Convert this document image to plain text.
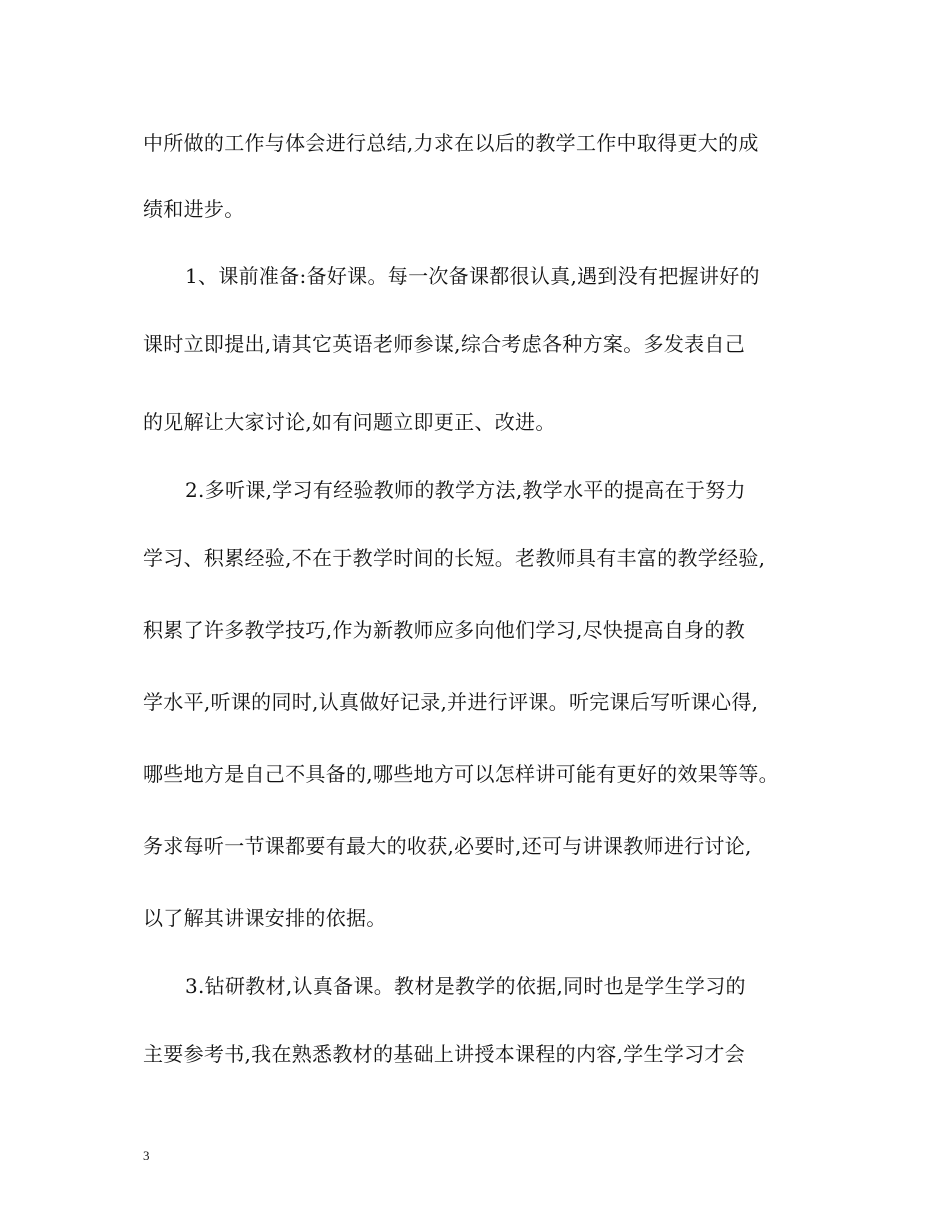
中所做的工作与体会进行总结,力求在以后的教学工作中取得更大的成
绩和进步。
1、课前准备:备好课。每一次备课都很认真,遇到没有把握讲好的
课时立即提出,请其它英语老师参谋,综合考虑各种方案。多发表自己
的见解让大家讨论,如有问题立即更正、改进。
2.多听课,学习有经验教师的教学方法,教学水平的提高在于努力
学习、积累经验,不在于教学时间的长短。老教师具有丰富的教学经验,
积累了许多教学技巧,作为新教师应多向他们学习,尽快提高自身的教
学水平,听课的同时,认真做好记录,并进行评课。听完课后写听课心得,
哪些地方是自己不具备的,哪些地方可以怎样讲可能有更好的效果等等。
务求每听一节课都要有最大的收获,必要时,还可与讲课教师进行讨论,
以了解其讲课安排的依据。
3.钻研教材,认真备课。教材是教学的依据,同时也是学生学习的
主要参考书,我在熟悉教材的基础上讲授本课程的内容,学生学习才会
3
